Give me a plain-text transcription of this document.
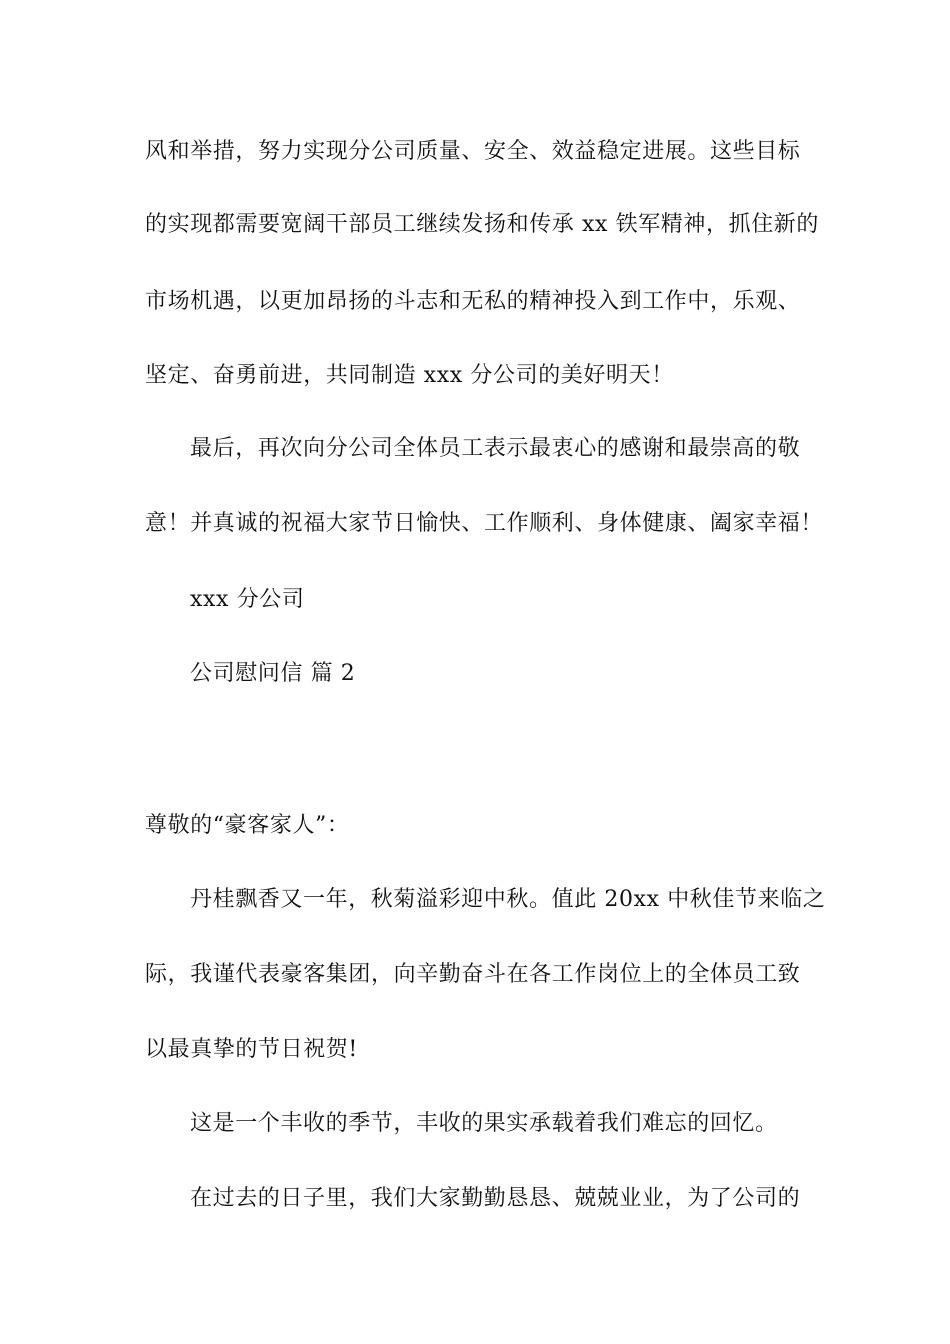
风和举措，努力实现分公司质量、安全、效益稳定进展。这些目标
的实现都需要宽阔干部员工继续发扬和传承 xx 铁军精神，抓住新的
市场机遇，以更加昂扬的斗志和无私的精神投入到工作中，乐观、
坚定、奋勇前进，共同制造 xxx 分公司的美好明天！
最后，再次向分公司全体员工表示最衷心的感谢和最崇高的敬
意！并真诚的祝福大家节日愉快、工作顺利、身体健康、阖家幸福！
xxx 分公司
公司慰问信 篇 2
尊敬的“豪客家人”：
丹桂飘香又一年，秋菊溢彩迎中秋。值此 20xx 中秋佳节来临之
际，我谨代表豪客集团，向辛勤奋斗在各工作岗位上的全体员工致
以最真挚的节日祝贺!
这是一个丰收的季节，丰收的果实承载着我们难忘的回忆。
在过去的日子里，我们大家勤勤恳恳、兢兢业业，为了公司的
